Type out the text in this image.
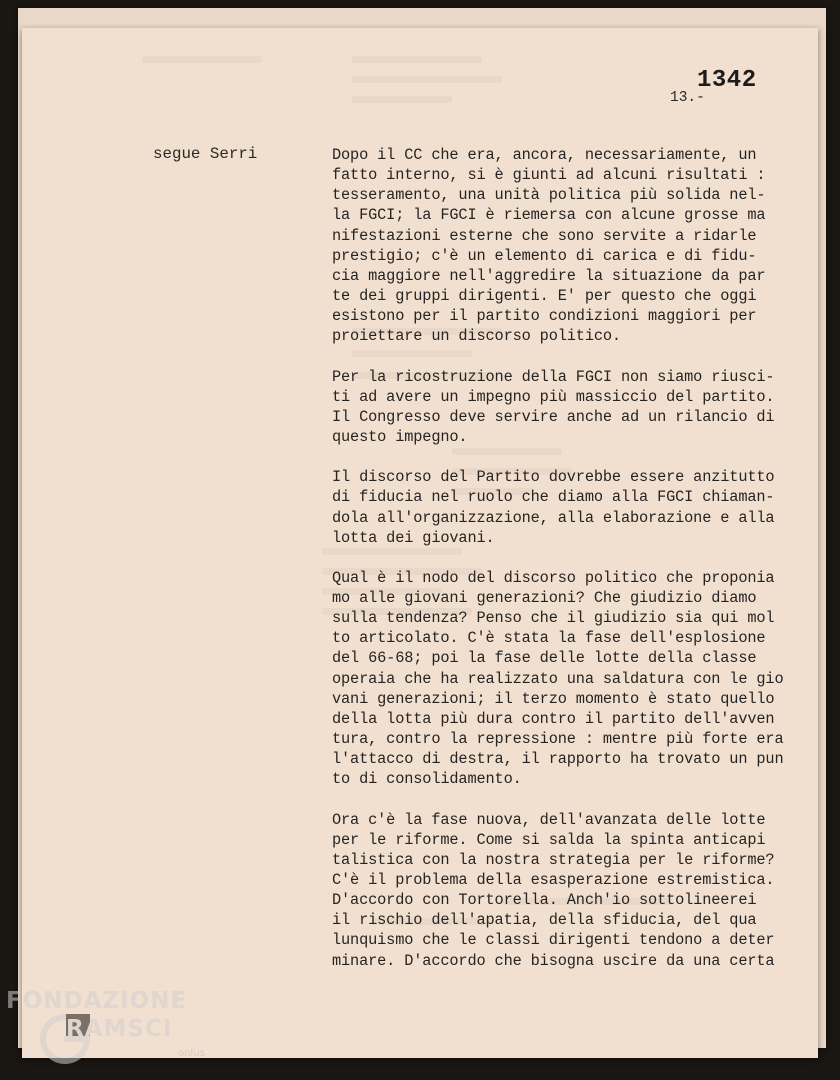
1342
13.-
segue Serri	Dopo il CC che era, ancora, necessariamente, un
fatto interno, si è giunti ad alcuni risultati :
tesseramento, una unità politica più solida nel-
la FGCI; la FGCI è riemersa con alcune grosse ma
nifestazioni esterne che sono servite a ridarle
prestigio; c'è un elemento di carica e di fidu-
cia maggiore nell'aggredire la situazione da par
te dei gruppi dirigenti. E' per questo che oggi
esistono per il partito condizioni maggiori per
proiettare un discorso politico.
Per la ricostruzione della FGCI non siamo riusci-
ti ad avere un impegno più massiccio del partito.
Il Congresso deve servire anche ad un rilancio di
questo impegno.
Il discorso del Partito dovrebbe essere anzitutto
di fiducia nel ruolo che diamo alla FGCI chiaman-
dola all'organizzazione, alla elaborazione e alla
lotta dei giovani.
Qual è il nodo del discorso politico che proponia
mo alle giovani generazioni? Che giudizio diamo
sulla tendenza? Penso che il giudizio sia qui mol
to articolato. C'è stata la fase dell'esplosione
del 66-68; poi la fase delle lotte della classe
operaia che ha realizzato una saldatura con le gio
vani generazioni; il terzo momento è stato quello
della lotta più dura contro il partito dell'avven
tura, contro la repressione : mentre più forte era
l'attacco di destra, il rapporto ha trovato un pun
to di consolidamento.
Ora c'è la fase nuova, dell'avanzata delle lotte
per le riforme. Come si salda la spinta anticapi
talistica con la nostra strategia per le riforme?
C'è il problema della esasperazione estremistica.
D'accordo con Tortorella. Anch'io sottolineerei
il rischio dell'apatia, della sfiducia, del qua
lunquismo che le classi dirigenti tendono a deter
minare. D'accordo che bisogna uscire da una certa
FONDAZIONE
RAMSCI
onlus
